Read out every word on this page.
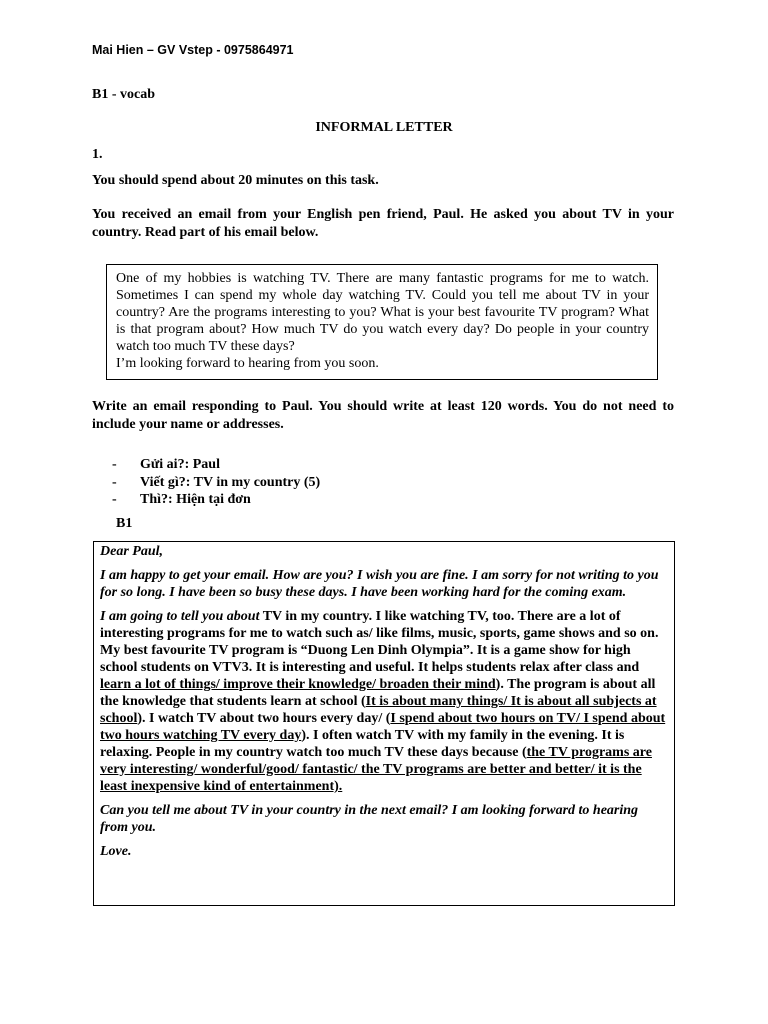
Mai Hien – GV Vstep - 0975864971
B1 - vocab
INFORMAL LETTER
1.
You should spend about 20 minutes on this task.
You received an email from your English pen friend, Paul. He asked you about TV in your country. Read part of his email below.
One of my hobbies is watching TV. There are many fantastic programs for me to watch. Sometimes I can spend my whole day watching TV. Could you tell me about TV in your country? Are the programs interesting to you? What is your best favourite TV program? What is that program about? How much TV do you watch every day? Do people in your country watch too much TV these days?
I’m looking forward to hearing from you soon.
Write an email responding to Paul. You should write at least 120 words. You do not need to include your name or addresses.
- Gửi ai?: Paul
- Viết gì?: TV in my country (5)
- Thì?: Hiện tại đơn
B1

Dear Paul,

I am happy to get your email. How are you? I wish you are fine. I am sorry for not writing to you for so long. I have been so busy these days. I have been working hard for the coming exam.

I am going to tell you about TV in my country. I like watching TV, too. There are a lot of interesting programs for me to watch such as/ like films, music, sports, game shows and so on. My best favourite TV program is “Duong Len Dinh Olympia”. It is a game show for high school students on VTV3. It is interesting and useful. It helps students relax after class and learn a lot of things/ improve their knowledge/ broaden their mind). The program is about all the knowledge that students learn at school (It is about many things/ It is about all subjects at school). I watch TV about two hours every day/ (I spend about two hours on TV/ I spend about two hours watching TV every day). I often watch TV with my family in the evening. It is relaxing. People in my country watch too much TV these days because (the TV programs are very interesting/ wonderful/good/ fantastic/ the TV programs are better and better/ it is the least inexpensive kind of entertainment).

Can you tell me about TV in your country in the next email? I am looking forward to hearing from you.

Love.
